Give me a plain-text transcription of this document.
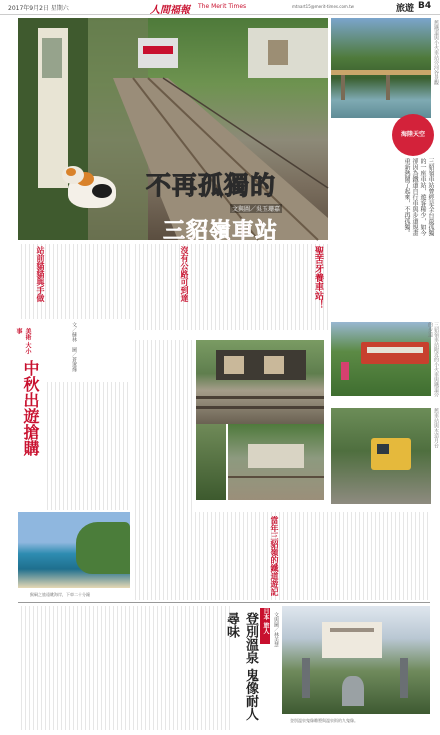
2017年9月2日 星期六	人間福報 The Merit Times	mtnart15@merit-times.com.tw	旅遊 B4
不再孤獨的
文與圖／吳玉珊嘉
三貂嶺車站
舊鐵道與小火車站旁河谷景觀
海陸天空
三貂嶺車站曾經是全台最孤獨的一座車站，遊客稀少，如今卻因為鐵道自行車與步道規畫重新熱鬧了起來，不再孤獨。
聖苦牙養車站！
沒有公路可到達
站前貓貓與手做
美術 大小事
中秋出遊搶購
文／蘇林　圖／蒼遼燁	三貂嶺車站附近的小火車與鐵道旁的步道
舊車站與木造月台
猴硐之旅遠眺海岸，下車二十分鐘	當年三貂嶺的鐵道遊記
日本 旅人
登別溫泉 鬼像耐人尋味	文與圖／林美慧
登別溫泉鬼像雕塑與溫泉街的九鬼像。
